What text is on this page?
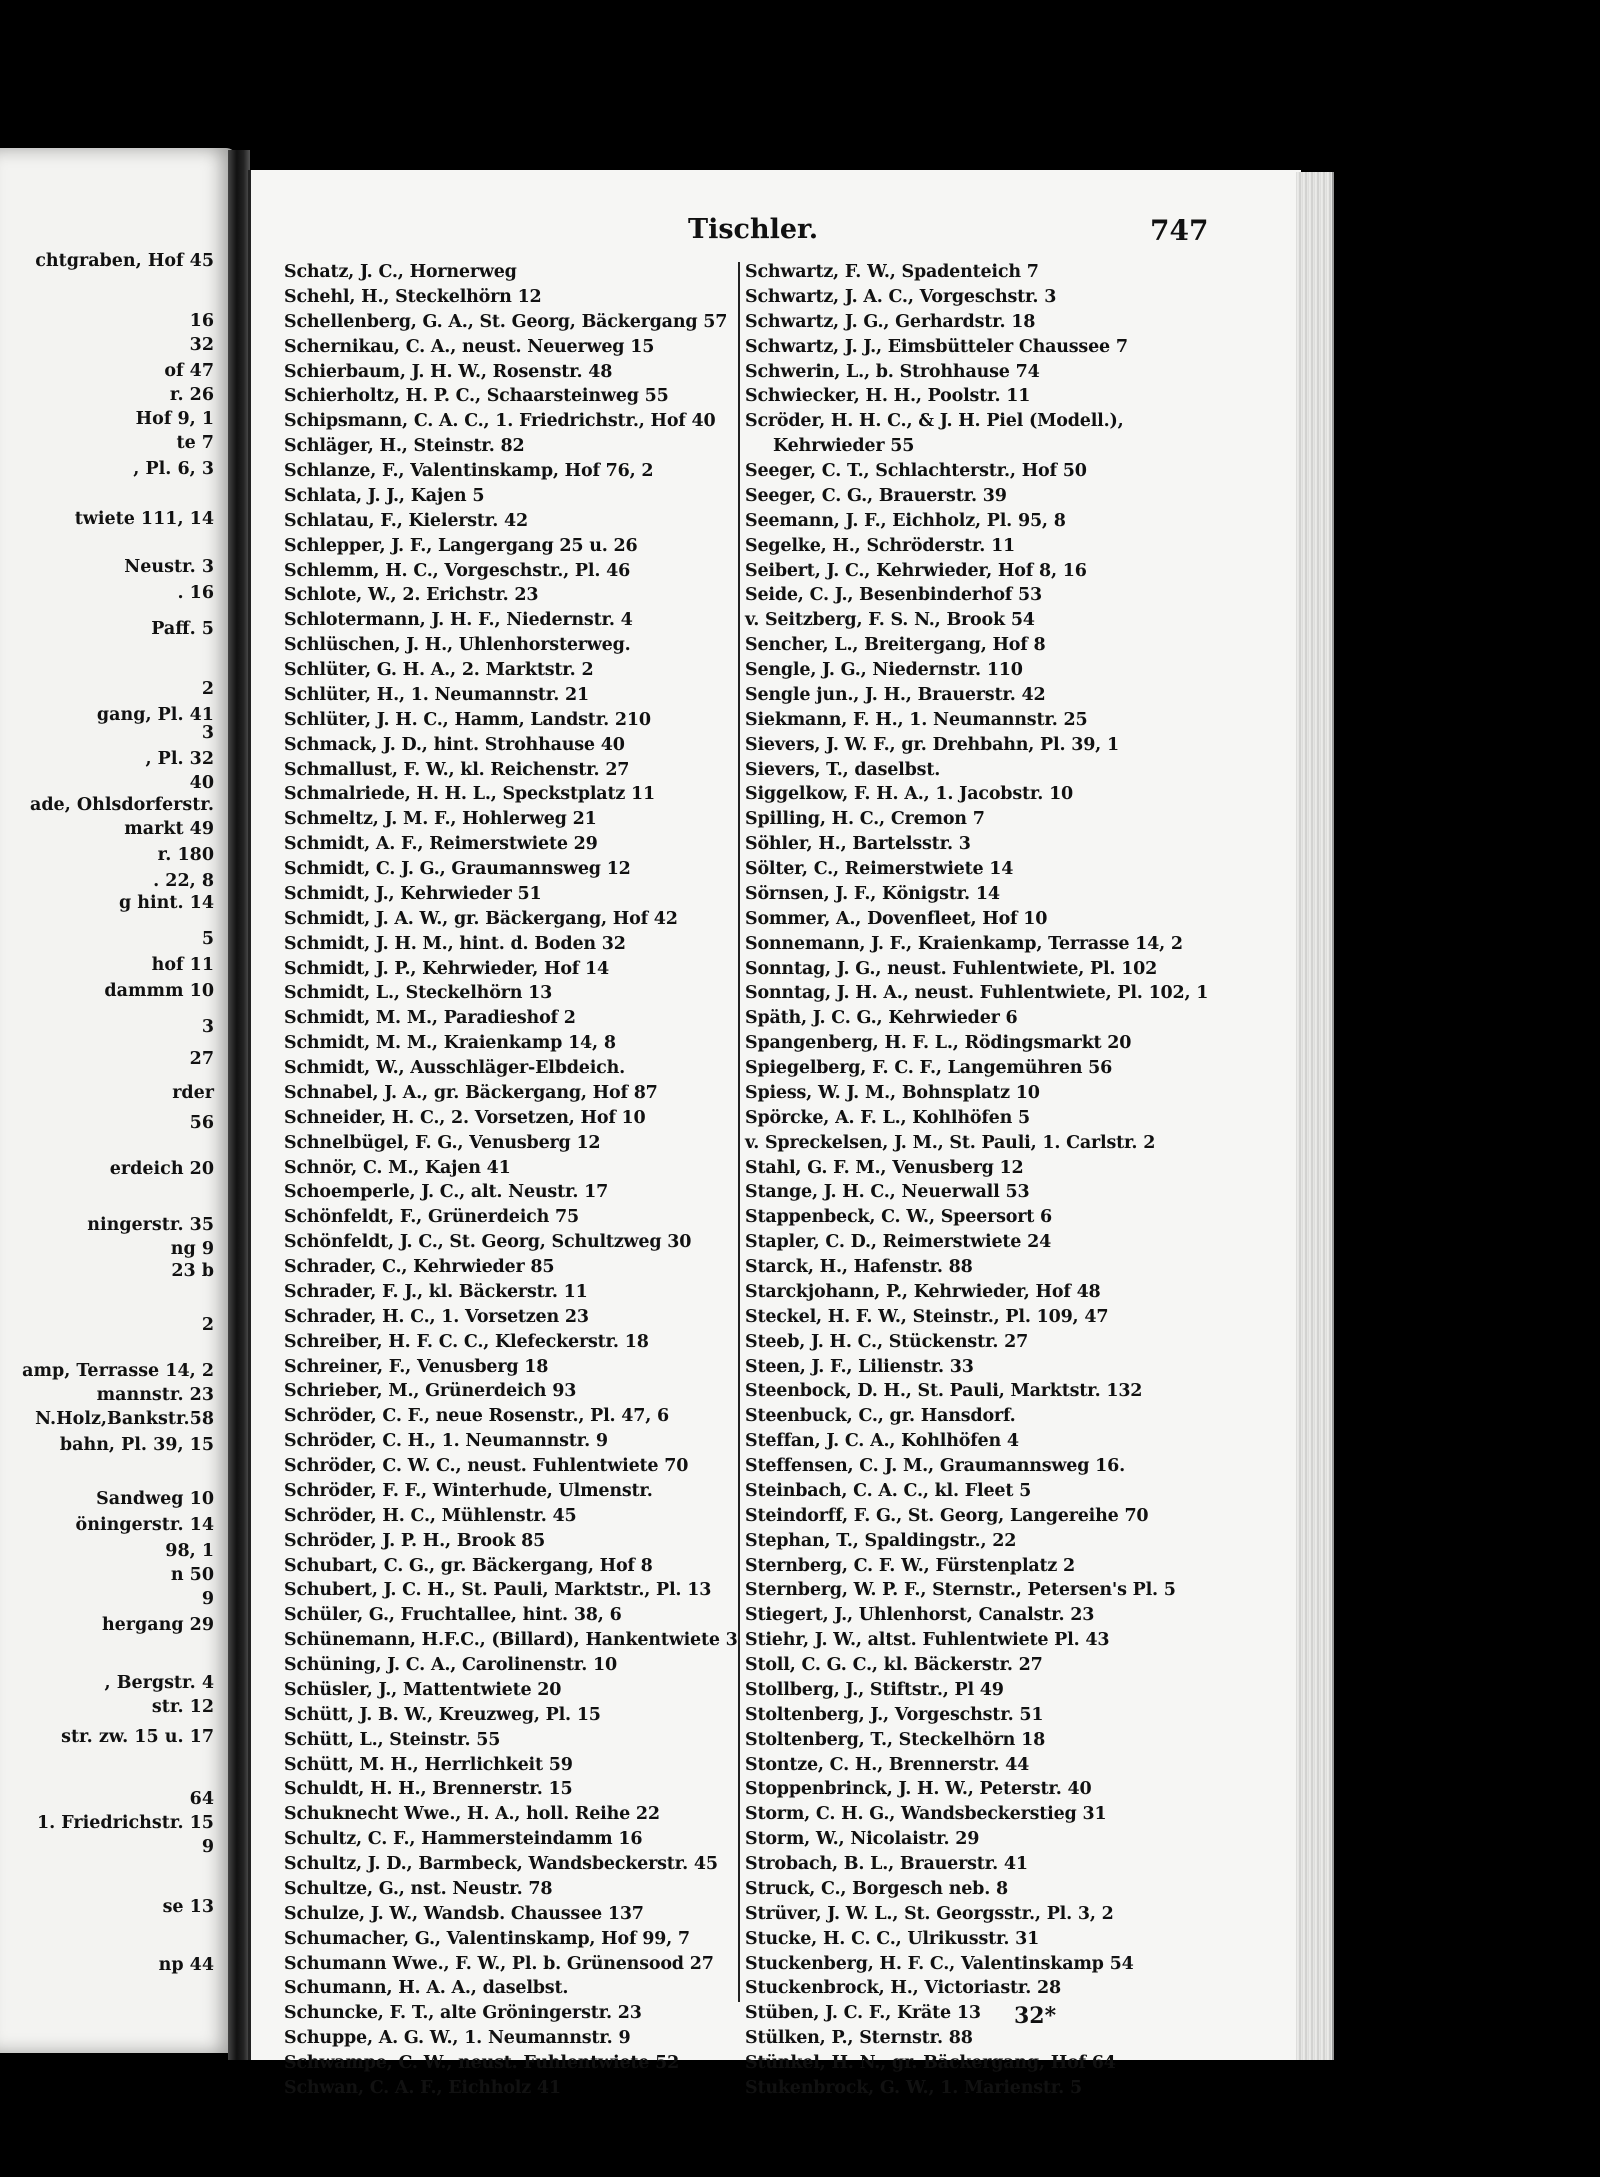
chtgraben, Hof 45
16
32
of 47
r. 26
Hof 9, 1
te 7
, Pl. 6, 3
twiete 111, 14
Neustr. 3
. 16
Paff. 5
2
gang, Pl. 41
3
, Pl. 32
40
ade, Ohlsdorferstr.
markt 49
r. 180
. 22, 8
g hint. 14
5
hof 11
dammm 10
3
27
rder
56
erdeich 20
ningerstr. 35
ng 9
23 b
2
amp, Terrasse 14, 2
mannstr. 23
N.Holz,Bankstr.58
bahn, Pl. 39, 15
Sandweg 10
öningerstr. 14
98, 1
n 50
9
hergang 29
, Bergstr. 4
str. 12
str. zw. 15 u. 17
64
1. Friedrichstr. 15
9
se 13
np 44
Tischler.	747
Schatz, J. C., Hornerweg
Schehl, H., Steckelhörn 12
Schellenberg, G. A., St. Georg, Bäckergang 57
Schernikau, C. A., neust. Neuerweg 15
Schierbaum, J. H. W., Rosenstr. 48
Schierholtz, H. P. C., Schaarsteinweg 55
Schipsmann, C. A. C., 1. Friedrichstr., Hof 40
Schläger, H., Steinstr. 82
Schlanze, F., Valentinskamp, Hof 76, 2
Schlata, J. J., Kajen 5
Schlatau, F., Kielerstr. 42
Schlepper, J. F., Langergang 25 u. 26
Schlemm, H. C., Vorgeschstr., Pl. 46
Schlote, W., 2. Erichstr. 23
Schlotermann, J. H. F., Niedernstr. 4
Schlüschen, J. H., Uhlenhorsterweg.
Schlüter, G. H. A., 2. Marktstr. 2
Schlüter, H., 1. Neumannstr. 21
Schlüter, J. H. C., Hamm, Landstr. 210
Schmack, J. D., hint. Strohhause 40
Schmallust, F. W., kl. Reichenstr. 27
Schmalriede, H. H. L., Speckstplatz 11
Schmeltz, J. M. F., Hohlerweg 21
Schmidt, A. F., Reimerstwiete 29
Schmidt, C. J. G., Graumannsweg 12
Schmidt, J., Kehrwieder 51
Schmidt, J. A. W., gr. Bäckergang, Hof 42
Schmidt, J. H. M., hint. d. Boden 32
Schmidt, J. P., Kehrwieder, Hof 14
Schmidt, L., Steckelhörn 13
Schmidt, M. M., Paradieshof 2
Schmidt, M. M., Kraienkamp 14, 8
Schmidt, W., Ausschläger-Elbdeich.
Schnabel, J. A., gr. Bäckergang, Hof 87
Schneider, H. C., 2. Vorsetzen, Hof 10
Schnelbügel, F. G., Venusberg 12
Schnör, C. M., Kajen 41
Schoemperle, J. C., alt. Neustr. 17
Schönfeldt, F., Grünerdeich 75
Schönfeldt, J. C., St. Georg, Schultzweg 30
Schrader, C., Kehrwieder 85
Schrader, F. J., kl. Bäckerstr. 11
Schrader, H. C., 1. Vorsetzen 23
Schreiber, H. F. C. C., Klefeckerstr. 18
Schreiner, F., Venusberg 18
Schrieber, M., Grünerdeich 93
Schröder, C. F., neue Rosenstr., Pl. 47, 6
Schröder, C. H., 1. Neumannstr. 9
Schröder, C. W. C., neust. Fuhlentwiete 70
Schröder, F. F., Winterhude, Ulmenstr.
Schröder, H. C., Mühlenstr. 45
Schröder, J. P. H., Brook 85
Schubart, C. G., gr. Bäckergang, Hof 8
Schubert, J. C. H., St. Pauli, Marktstr., Pl. 13
Schüler, G., Fruchtallee, hint. 38, 6
Schünemann, H.F.C., (Billard), Hankentwiete 3
Schüning, J. C. A., Carolinenstr. 10
Schüsler, J., Mattentwiete 20
Schütt, J. B. W., Kreuzweg, Pl. 15
Schütt, L., Steinstr. 55
Schütt, M. H., Herrlichkeit 59
Schuldt, H. H., Brennerstr. 15
Schuknecht Wwe., H. A., holl. Reihe 22
Schultz, C. F., Hammersteindamm 16
Schultz, J. D., Barmbeck, Wandsbeckerstr. 45
Schultze, G., nst. Neustr. 78
Schulze, J. W., Wandsb. Chaussee 137
Schumacher, G., Valentinskamp, Hof 99, 7
Schumann Wwe., F. W., Pl. b. Grünensood 27
Schumann, H. A. A., daselbst.
Schuncke, F. T., alte Gröningerstr. 23
Schuppe, A. G. W., 1. Neumannstr. 9
Schwampe, C. W., neust. Fuhlentwiete 52
Schwan, C. A. F., Eichholz 41
Schwartz, F. W., Spadenteich 7
Schwartz, J. A. C., Vorgeschstr. 3
Schwartz, J. G., Gerhardstr. 18
Schwartz, J. J., Eimsbütteler Chaussee 7
Schwerin, L., b. Strohhause 74
Schwiecker, H. H., Poolstr. 11
Scröder, H. H. C., & J. H. Piel (Modell.),
Kehrwieder 55
Seeger, C. T., Schlachterstr., Hof 50
Seeger, C. G., Brauerstr. 39
Seemann, J. F., Eichholz, Pl. 95, 8
Segelke, H., Schröderstr. 11
Seibert, J. C., Kehrwieder, Hof 8, 16
Seide, C. J., Besenbinderhof 53
v. Seitzberg, F. S. N., Brook 54
Sencher, L., Breitergang, Hof 8
Sengle, J. G., Niedernstr. 110
Sengle jun., J. H., Brauerstr. 42
Siekmann, F. H., 1. Neumannstr. 25
Sievers, J. W. F., gr. Drehbahn, Pl. 39, 1
Sievers, T., daselbst.
Siggelkow, F. H. A., 1. Jacobstr. 10
Spilling, H. C., Cremon 7
Söhler, H., Bartelsstr. 3
Sölter, C., Reimerstwiete 14
Sörnsen, J. F., Königstr. 14
Sommer, A., Dovenfleet, Hof 10
Sonnemann, J. F., Kraienkamp, Terrasse 14, 2
Sonntag, J. G., neust. Fuhlentwiete, Pl. 102
Sonntag, J. H. A., neust. Fuhlentwiete, Pl. 102, 1
Späth, J. C. G., Kehrwieder 6
Spangenberg, H. F. L., Rödingsmarkt 20
Spiegelberg, F. C. F., Langemühren 56
Spiess, W. J. M., Bohnsplatz 10
Spörcke, A. F. L., Kohlhöfen 5
v. Spreckelsen, J. M., St. Pauli, 1. Carlstr. 2
Stahl, G. F. M., Venusberg 12
Stange, J. H. C., Neuerwall 53
Stappenbeck, C. W., Speersort 6
Stapler, C. D., Reimerstwiete 24
Starck, H., Hafenstr. 88
Starckjohann, P., Kehrwieder, Hof 48
Steckel, H. F. W., Steinstr., Pl. 109, 47
Steeb, J. H. C., Stückenstr. 27
Steen, J. F., Lilienstr. 33
Steenbock, D. H., St. Pauli, Marktstr. 132
Steenbuck, C., gr. Hansdorf.
Steffan, J. C. A., Kohlhöfen 4
Steffensen, C. J. M., Graumannsweg 16.
Steinbach, C. A. C., kl. Fleet 5
Steindorff, F. G., St. Georg, Langereihe 70
Stephan, T., Spaldingstr., 22
Sternberg, C. F. W., Fürstenplatz 2
Sternberg, W. P. F., Sternstr., Petersen's Pl. 5
Stiegert, J., Uhlenhorst, Canalstr. 23
Stiehr, J. W., altst. Fuhlentwiete Pl. 43
Stoll, C. G. C., kl. Bäckerstr. 27
Stollberg, J., Stiftstr., Pl 49
Stoltenberg, J., Vorgeschstr. 51
Stoltenberg, T., Steckelhörn 18
Stontze, C. H., Brennerstr. 44
Stoppenbrinck, J. H. W., Peterstr. 40
Storm, C. H. G., Wandsbeckerstieg 31
Storm, W., Nicolaistr. 29
Strobach, B. L., Brauerstr. 41
Struck, C., Borgesch neb. 8
Strüver, J. W. L., St. Georgsstr., Pl. 3, 2
Stucke, H. C. C., Ulrikusstr. 31
Stuckenberg, H. F. C., Valentinskamp 54
Stuckenbrock, H., Victoriastr. 28
Stüben, J. C. F., Kräte 13
Stülken, P., Sternstr. 88
Stünkel, H. N., gr. Bäckergang, Hof 64
Stukenbrock, G. W., 1. Marienstr. 5
32*
